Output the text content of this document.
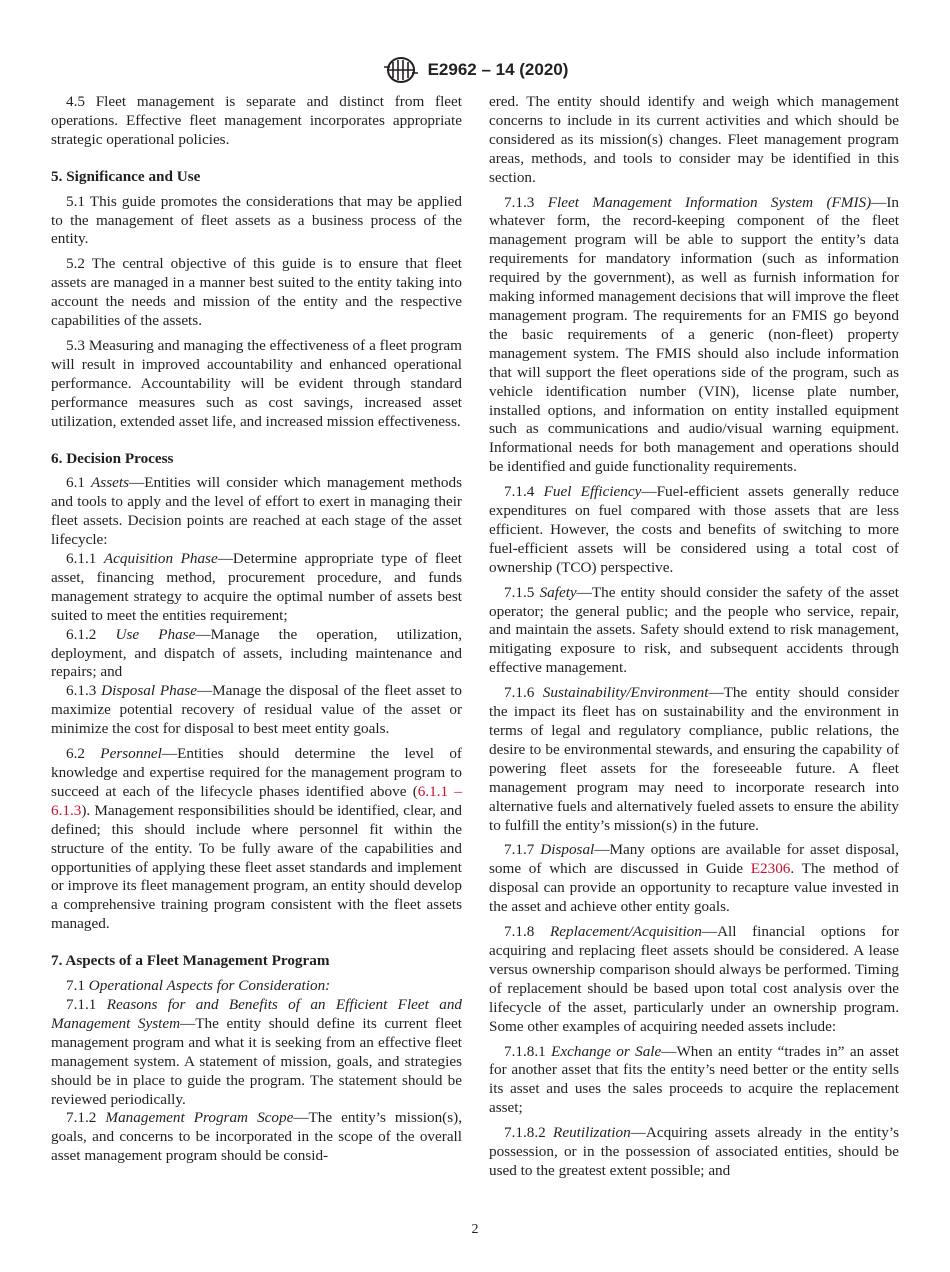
E2962 – 14 (2020)

4.5 Fleet management is separate and distinct from fleet operations. Effective fleet management incorporates appropriate strategic operational policies.

5. Significance and Use

5.1 This guide promotes the considerations that may be applied to the management of fleet assets as a business process of the entity.

5.2 The central objective of this guide is to ensure that fleet assets are managed in a manner best suited to the entity taking into account the needs and mission of the entity and the respective capabilities of the assets.

5.3 Measuring and managing the effectiveness of a fleet program will result in improved accountability and enhanced operational performance. Accountability will be evident through standard performance measures such as cost savings, increased asset utilization, extended asset life, and increased mission effectiveness.

6. Decision Process

6.1 Assets—Entities will consider which management methods and tools to apply and the level of effort to exert in managing their fleet assets. Decision points are reached at each stage of the asset lifecycle:

6.1.1 Acquisition Phase—Determine appropriate type of fleet asset, financing method, procurement procedure, and funds management strategy to acquire the optimal number of assets best suited to meet the entities requirement;

6.1.2 Use Phase—Manage the operation, utilization, deployment, and dispatch of assets, including maintenance and repairs; and

6.1.3 Disposal Phase—Manage the disposal of the fleet asset to maximize potential recovery of residual value of the asset or minimize the cost for disposal to best meet entity goals.

6.2 Personnel—Entities should determine the level of knowledge and expertise required for the management program to succeed at each of the lifecycle phases identified above (6.1.1 – 6.1.3). Management responsibilities should be identified, clear, and defined; this should include where personnel fit within the structure of the entity. To be fully aware of the capabilities and opportunities of applying these fleet asset standards and implement or improve its fleet management program, an entity should develop a comprehensive training program consistent with the fleet assets managed.

7. Aspects of a Fleet Management Program

7.1 Operational Aspects for Consideration:

7.1.1 Reasons for and Benefits of an Efficient Fleet and Management System—The entity should define its current fleet management program and what it is seeking from an effective fleet management system. A statement of mission, goals, and strategies should be in place to guide the program. The statement should be reviewed periodically.

7.1.2 Management Program Scope—The entity’s mission(s), goals, and concerns to be incorporated in the scope of the overall asset management program should be consid-

ered. The entity should identify and weigh which management concerns to include in its current activities and which should be considered as its mission(s) changes. Fleet management program areas, methods, and tools to consider may be identified in this section.

7.1.3 Fleet Management Information System (FMIS)—In whatever form, the record-keeping component of the fleet management program will be able to support the entity’s data requirements for mandatory information (such as information required by the government), as well as furnish information for making informed management decisions that will improve the fleet management program. The requirements for an FMIS go beyond the basic requirements of a generic (non-fleet) property management system. The FMIS should also include information that will support the fleet operations side of the program, such as vehicle identification number (VIN), license plate number, installed options, and information on entity installed equipment such as communications and audio/visual warning equipment. Informational needs for both management and operations should be identified and guide functionality requirements.

7.1.4 Fuel Efficiency—Fuel-efficient assets generally reduce expenditures on fuel compared with those assets that are less efficient. However, the costs and benefits of switching to more fuel-efficient assets will be considered using a total cost of ownership (TCO) perspective.

7.1.5 Safety—The entity should consider the safety of the asset operator; the general public; and the people who service, repair, and maintain the assets. Safety should extend to risk management, mitigating exposure to risk, and subsequent accidents through effective management.

7.1.6 Sustainability/Environment—The entity should consider the impact its fleet has on sustainability and the environment in terms of legal and regulatory compliance, public relations, the desire to be environmental stewards, and ensuring the capability of powering fleet assets for the foreseeable future. A fleet management program may need to incorporate research into alternative fuels and alternatively fueled assets to ensure the ability to fulfill the entity’s mission(s) in the future.

7.1.7 Disposal—Many options are available for asset disposal, some of which are discussed in Guide E2306. The method of disposal can provide an opportunity to recapture value invested in the asset and achieve other entity goals.

7.1.8 Replacement/Acquisition—All financial options for acquiring and replacing fleet assets should be considered. A lease versus ownership comparison should always be performed. Timing of replacement should be based upon total cost analysis over the lifecycle of the asset, particularly under an ownership program. Some other examples of acquiring needed assets include:

7.1.8.1 Exchange or Sale—When an entity “trades in” an asset for another asset that fits the entity’s need better or the entity sells its asset and uses the sales proceeds to acquire the replacement asset;

7.1.8.2 Reutilization—Acquiring assets already in the entity’s possession, or in the possession of associated entities, should be used to the greatest extent possible; and

2
